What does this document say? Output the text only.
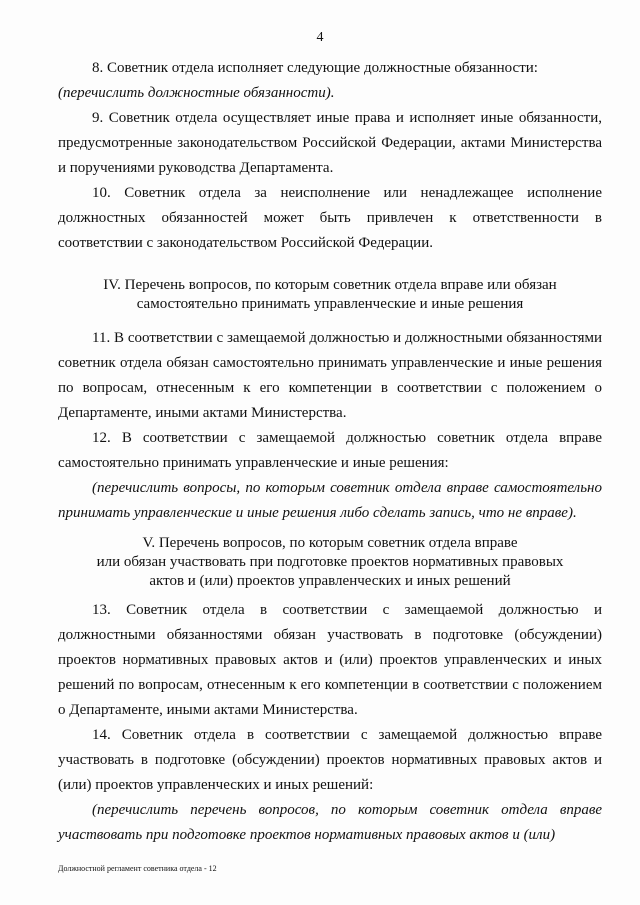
4

8. Советник отдела исполняет следующие должностные обязанности:

(перечислить должностные обязанности).

9. Советник отдела осуществляет иные права и исполняет иные обязанности, предусмотренные законодательством Российской Федерации, актами Министерства и поручениями руководства Департамента.

10. Советник отдела за неисполнение или ненадлежащее исполнение должностных обязанностей может быть привлечен к ответственности в соответствии с законодательством Российской Федерации.

IV. Перечень вопросов, по которым советник отдела вправе или обязан
самостоятельно принимать управленческие и иные решения

11. В соответствии с замещаемой должностью и должностными обязанностями советник отдела обязан самостоятельно принимать управленческие и иные решения по вопросам, отнесенным к его компетенции в соответствии с положением о Департаменте, иными актами Министерства.

12. В соответствии с замещаемой должностью советник отдела вправе самостоятельно принимать управленческие и иные решения:

(перечислить вопросы, по которым советник отдела вправе самостоятельно принимать управленческие и иные решения либо сделать запись, что не вправе).

V. Перечень вопросов, по которым советник отдела вправе
или обязан участвовать при подготовке проектов нормативных правовых
актов и (или) проектов управленческих и иных решений

13. Советник отдела в соответствии с замещаемой должностью и должностными обязанностями обязан участвовать в подготовке (обсуждении) проектов нормативных правовых актов и (или) проектов управленческих и иных решений по вопросам, отнесенным к его компетенции в соответствии с положением о Департаменте, иными актами Министерства.

14. Советник отдела в соответствии с замещаемой должностью вправе участвовать в подготовке (обсуждении) проектов нормативных правовых актов и (или) проектов управленческих и иных решений:

(перечислить перечень вопросов, по которым советник отдела вправе участвовать при подготовке проектов нормативных правовых актов и (или)

Должностной регламент советника отдела - 12
